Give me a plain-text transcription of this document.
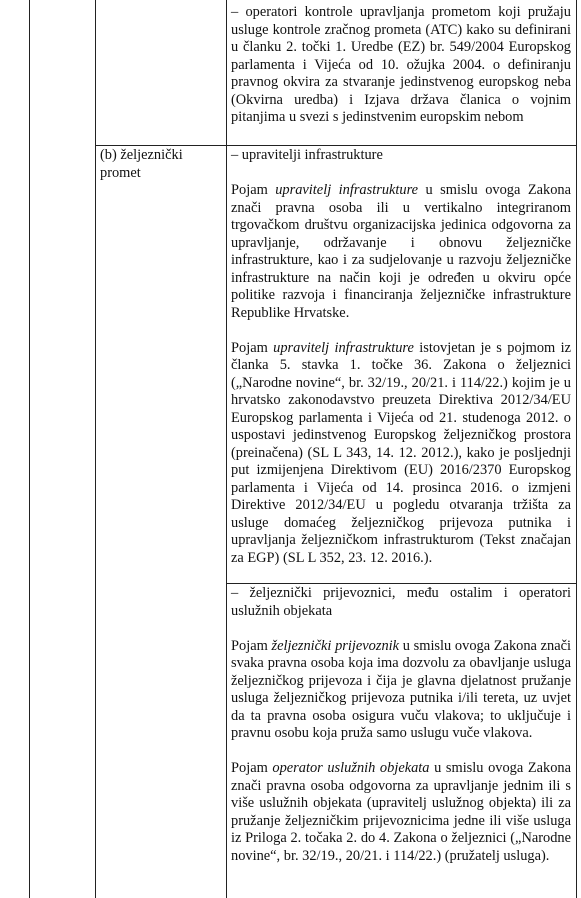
– operatori kontrole upravljanja prometom koji pružaju usluge kontrole zračnog prometa (ATC) kako su definirani u članku 2. točki 1. Uredbe (EZ) br. 549/2004 Europskog parlamenta i Vijeća od 10. ožujka 2004. o definiranju pravnog okvira za stvaranje jedinstvenog europskog neba (Okvirna uredba) i Izjava država članica o vojnim pitanjima u svezi s jedinstvenim europskim nebom

(b) željeznički
promet

– upravitelji infrastrukture

Pojam upravitelj infrastrukture u smislu ovoga Zakona znači pravna osoba ili u vertikalno integriranom trgovačkom društvu organizacijska jedinica odgovorna za upravljanje, održavanje i obnovu željezničke infrastrukture, kao i za sudjelovanje u razvoju željezničke infrastrukture na način koji je određen u okviru opće politike razvoja i financiranja željezničke infrastrukture Republike Hrvatske.

Pojam upravitelj infrastrukture istovjetan je s pojmom iz članka 5. stavka 1. točke 36. Zakona o željeznici („Narodne novine“, br. 32/19., 20/21. i 114/22.) kojim je u hrvatsko zakonodavstvo preuzeta Direktiva 2012/34/EU Europskog parlamenta i Vijeća od 21. studenoga 2012. o uspostavi jedinstvenog Europskog željezničkog prostora (preinačena) (SL L 343, 14. 12. 2012.), kako je posljednji put izmijenjena Direktivom (EU) 2016/2370 Europskog parlamenta i Vijeća od 14. prosinca 2016. o izmjeni Direktive 2012/34/EU u pogledu otvaranja tržišta za usluge domaćeg željezničkog prijevoza putnika i upravljanja željezničkom infrastrukturom (Tekst značajan za EGP) (SL L 352, 23. 12. 2016.).

– željeznički prijevoznici, među ostalim i operatori uslužnih objekata

Pojam željeznički prijevoznik u smislu ovoga Zakona znači svaka pravna osoba koja ima dozvolu za obavljanje usluga željezničkog prijevoza i čija je glavna djelatnost pružanje usluga željezničkog prijevoza putnika i/ili tereta, uz uvjet da ta pravna osoba osigura vuču vlakova; to uključuje i pravnu osobu koja pruža samo uslugu vuče vlakova.

Pojam operator uslužnih objekata u smislu ovoga Zakona znači pravna osoba odgovorna za upravljanje jednim ili s više uslužnih objekata (upravitelj uslužnog objekta) ili za pružanje željezničkim prijevoznicima jedne ili više usluga iz Priloga 2. točaka 2. do 4. Zakona o željeznici („Narodne novine“, br. 32/19., 20/21. i 114/22.) (pružatelj usluga).
